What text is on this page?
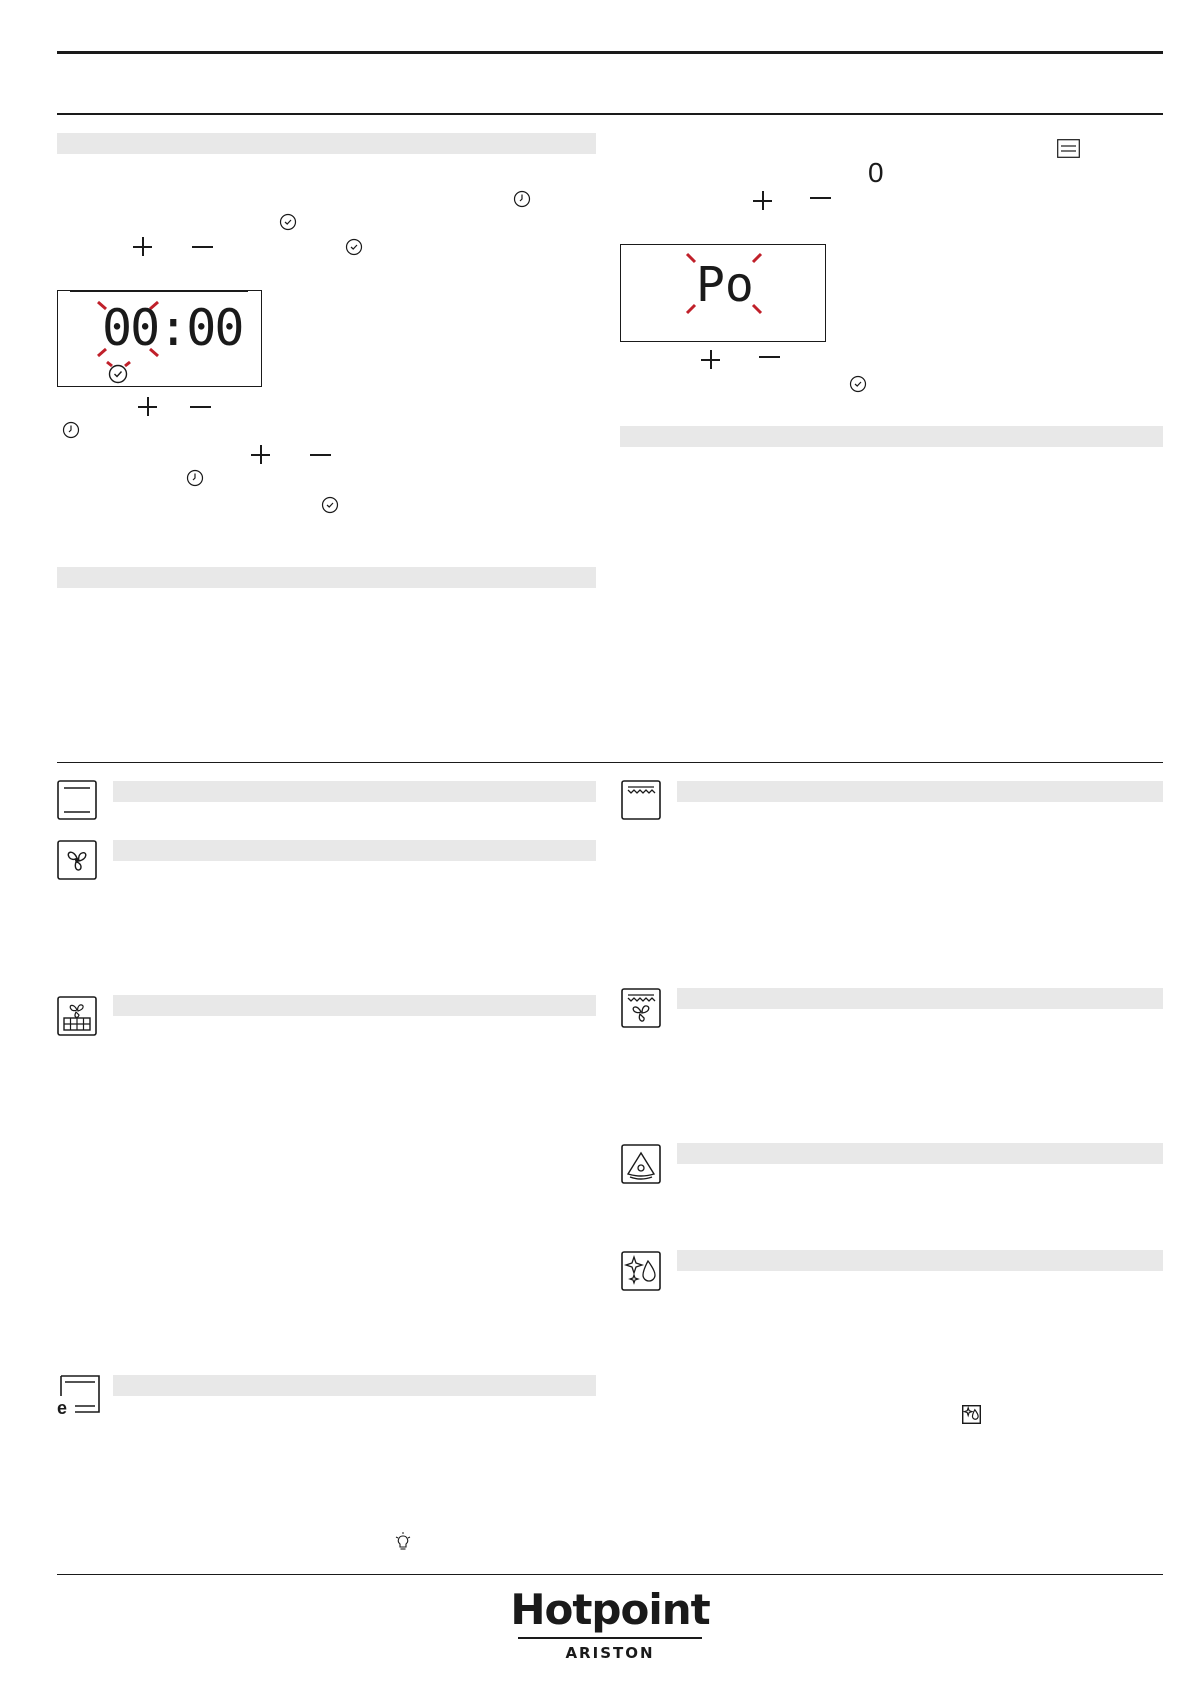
00:00
0
Po
e
Hotpoint
ARISTON
